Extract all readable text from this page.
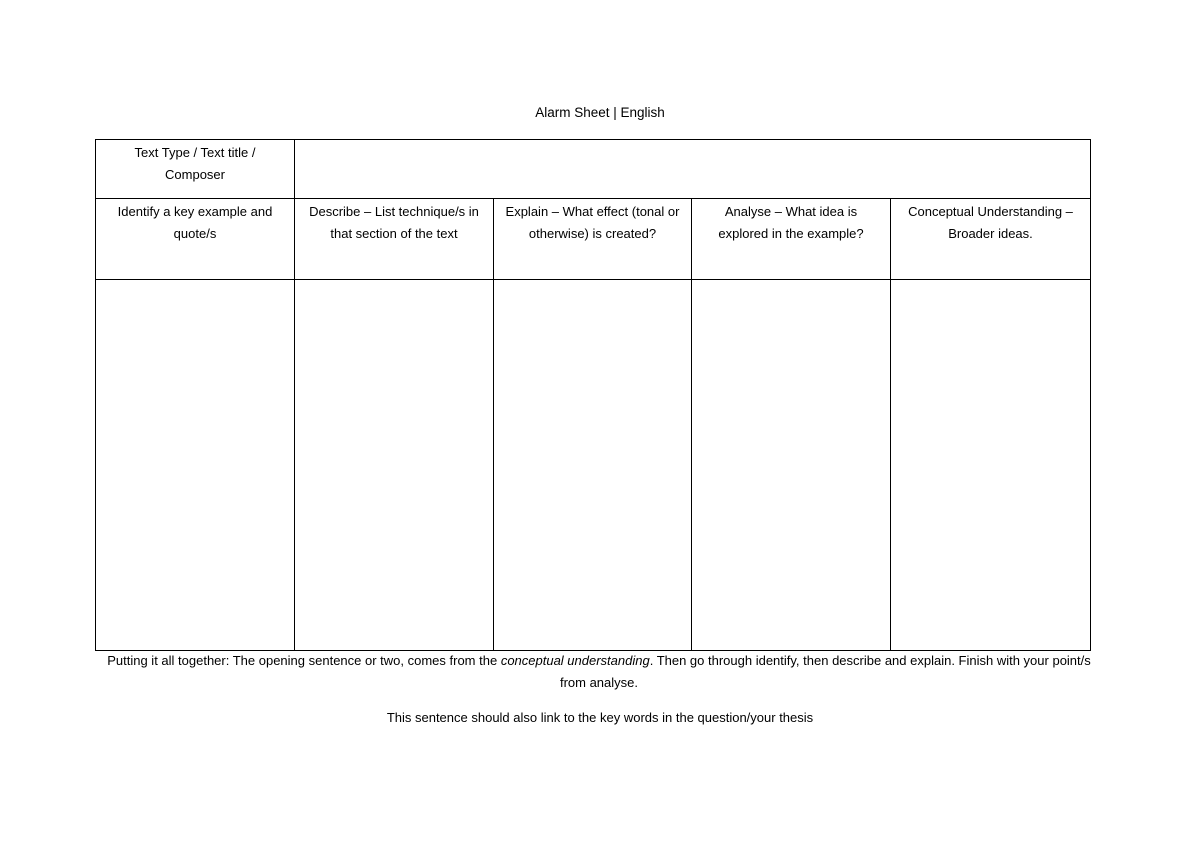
Alarm Sheet | English
Text Type / Text title / Composer				
Identify a key example and quote/s	Describe – List technique/s in that section of the text	Explain – What effect (tonal or otherwise) is created?	Analyse – What idea is explored in the example?	Conceptual Understanding – Broader ideas.

Putting it all together: The opening sentence or two, comes from the conceptual understanding. Then go through identify, then describe and explain. Finish with your point/s from analyse.
This sentence should also link to the key words in the question/your thesis
